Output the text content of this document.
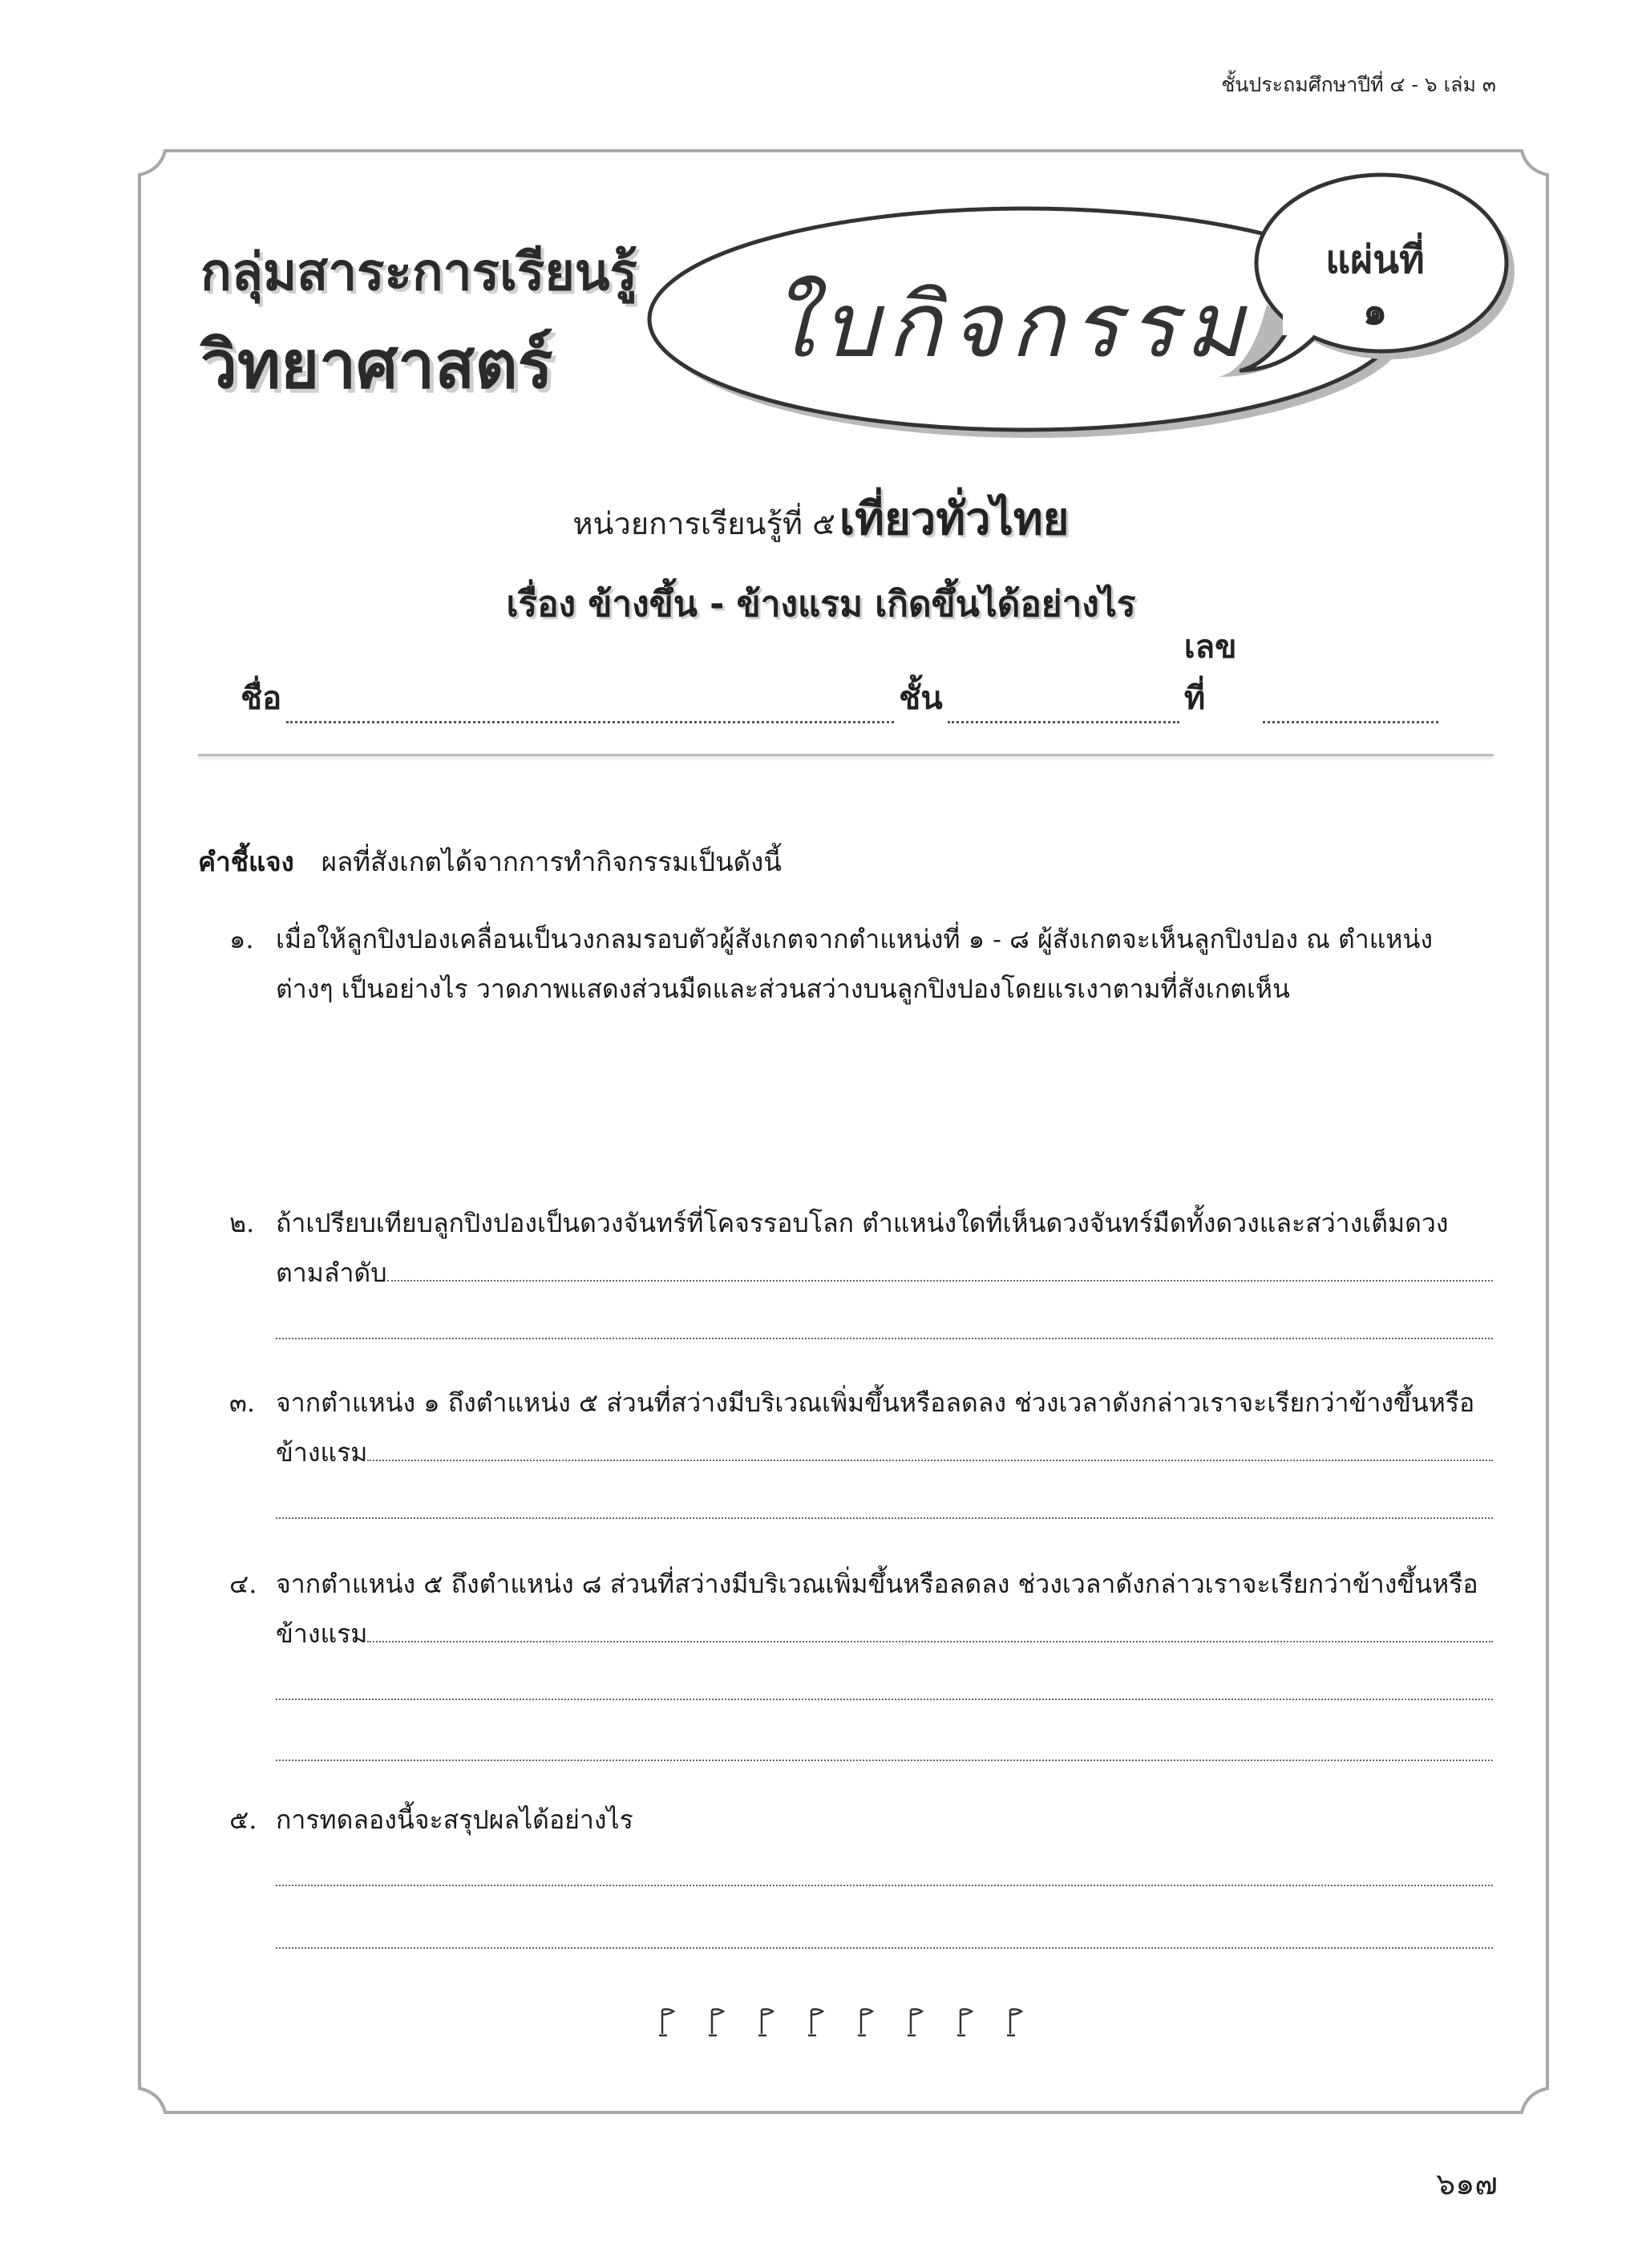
ชั้นประถมศึกษาปีที่ ๔ - ๖ เล่ม ๓
กลุ่มสาระการเรียนรู้
วิทยาศาสตร์ ใบกิจกรรม
แผ่นที่
๑
หน่วยการเรียนรู้ที่ ๕ เที่ยวทั่วไทย
เรื่อง ข้างขึ้น - ข้างแรม เกิดขึ้นได้อย่างไร
ชื่อ	ชั้น
เลขที่
คำชี้แจง ผลที่สังเกตได้จากการทำกิจกรรมเป็นดังนี้
๑. เมื่อให้ลูกปิงปองเคลื่อนเป็นวงกลมรอบตัวผู้สังเกตจากตำแหน่งที่ ๑ - ๘ ผู้สังเกตจะเห็นลูกปิงปอง ณ ตำแหน่ง
ต่างๆ เป็นอย่างไร วาดภาพแสดงส่วนมืดและส่วนสว่างบนลูกปิงปองโดยแรเงาตามที่สังเกตเห็น
๒. ถ้าเปรียบเทียบลูกปิงปองเป็นดวงจันทร์ที่โคจรรอบโลก ตำแหน่งใดที่เห็นดวงจันทร์มืดทั้งดวงและสว่างเต็มดวง
ตามลำดับ
๓. จากตำแหน่ง ๑ ถึงตำแหน่ง ๕ ส่วนที่สว่างมีบริเวณเพิ่มขึ้นหรือลดลง ช่วงเวลาดังกล่าวเราจะเรียกว่าข้างขึ้นหรือ
ข้างแรม
๔. จากตำแหน่ง ๕ ถึงตำแหน่ง ๘ ส่วนที่สว่างมีบริเวณเพิ่มขึ้นหรือลดลง ช่วงเวลาดังกล่าวเราจะเรียกว่าข้างขึ้นหรือ
ข้างแรม
๕. การทดลองนี้จะสรุปผลได้อย่างไร
๖๑๗
